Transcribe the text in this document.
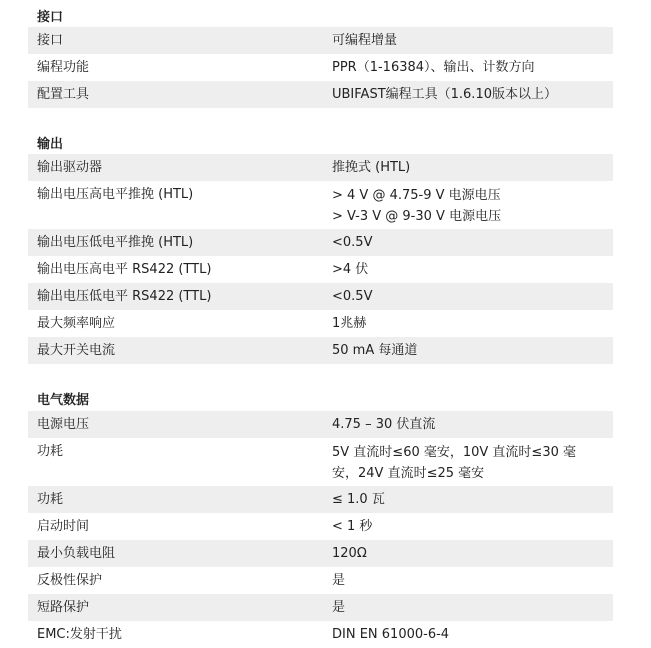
接口
接口	可编程增量
编程功能	PPR（1-16384）、输出、计数方向
配置工具	UBIFAST编程工具（1.6.10版本以上）
输出
输出驱动器	推挽式 (HTL)
输出电压高电平推挽 (HTL)	> 4 V @ 4.75-9 V 电源电压
> V-3 V @ 9-30 V 电源电压
输出电压低电平推挽 (HTL)	<0.5V
输出电压高电平 RS422 (TTL)	>4 伏
输出电压低电平 RS422 (TTL)	<0.5V
最大频率响应	1兆赫
最大开关电流	50 mA 每通道
电气数据
电源电压	4.75 – 30 伏直流
功耗	5V 直流时≤60 毫安，10V 直流时≤30 毫
安，24V 直流时≤25 毫安
功耗	≤ 1.0 瓦
启动时间	< 1 秒
最小负载电阻	120Ω
反极性保护	是
短路保护	是
EMC:发射干扰	DIN EN 61000-6-4
